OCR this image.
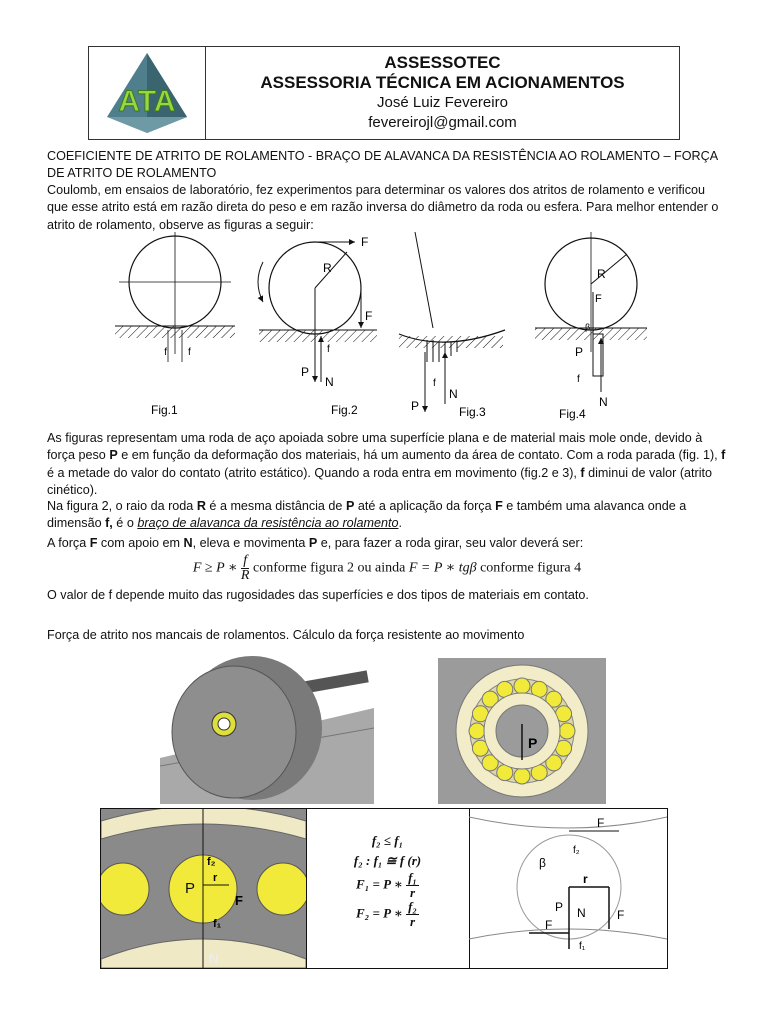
ATA
ASSESSOTEC
ASSESSORIA TÉCNICA EM ACIONAMENTOS
José Luiz Fevereiro
fevereirojl@gmail.com

COEFICIENTE DE ATRITO DE ROLAMENTO - BRAÇO DE ALAVANCA DA RESISTÊNCIA AO ROLAMENTO – FORÇA DE ATRITO DE ROLAMENTO

Coulomb, em ensaios de laboratório, fez experimentos para determinar os valores dos atritos de rolamento e verificou que esse atrito está em razão direta do peso e em razão inversa do diâmetro da roda ou esfera. Para melhor entender o atrito de rolamento, observe as figuras a seguir:

f f
Fig.1
F
R
F
P
N
f
Fig.2	P
N
f
Fig.3
R
F
β
P
N
f
Fig.4

As figuras representam uma roda de aço apoiada sobre uma superfície plana e de material mais mole onde, devido à força peso P e em função da deformação dos materiais, há um aumento da área de contato. Com a roda parada (fig. 1), f é a metade do valor do contato (atrito estático). Quando a roda entra em movimento (fig.2 e 3), f diminui de valor (atrito cinético).

Na figura 2, o raio da roda R é a mesma distância de P até a aplicação da força F e também uma alavanca onde a dimensão f, é o braço de alavanca da resistência ao rolamento.

A força F com apoio em N, eleva e movimenta P e, para fazer a roda girar, seu valor deverá ser:

F ≥ P ∗ $\frac{f}{R}$ conforme figura 2 ou ainda F = P ∗ tgβ conforme figura 4

O valor de f depende muito das rugosidades das superfícies e dos tipos de materiais em contato.

Força de atrito nos mancais de rolamentos. Cálculo da força resistente ao movimento

P
P
r
f₂
f₁
F
N
f₂ ≤ f₁
f₂ : f₁ ≅ f (r)
F₁ = P ∗ $\frac{\text{f₁}}{r}$
F₂ = P ∗ $\frac{\text{f₂}}{r}$
F
f₂
β
r
P N	F
F
f₁
